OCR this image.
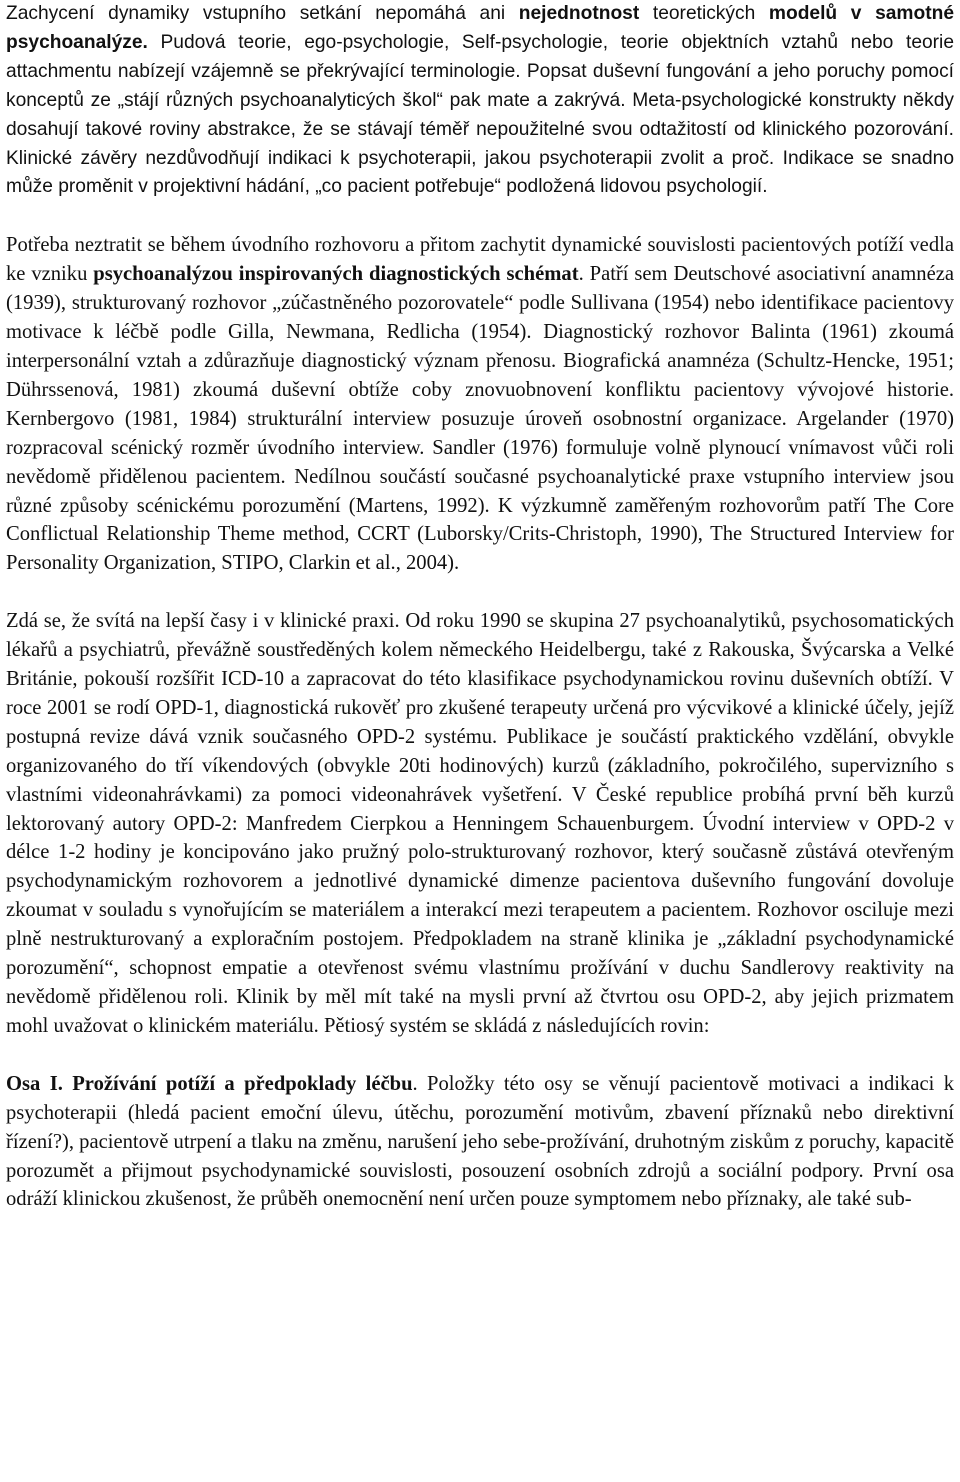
Zachycení dynamiky vstupního setkání nepomáhá ani nejednotnost teoretických modelů v samotné psychoanalýze. Pudová teorie, ego-psychologie, Self-psychologie, teorie objektních vztahů nebo teorie attachmentu nabízejí vzájemně se překrývající terminologie. Popsat duševní fungování a jeho poruchy pomocí konceptů ze „stájí různých psychoanalyticých škol“ pak mate a zakrývá. Meta-psychologické konstrukty někdy dosahují takové roviny abstrakce, že se stávají téměř nepoužitelné svou odtažitostí od klinického pozorování. Klinické závěry nezdůvodňují indikaci k psychoterapii, jakou psychoterapii zvolit a proč. Indikace se snadno může proměnit v projektivní hádání, „co pacient potřebuje“ podložená lidovou psychologií.

Potřeba neztratit se během úvodního rozhovoru a přitom zachytit dynamické souvislosti pacientových potíží vedla ke vzniku psychoanalýzou inspirovaných diagnostických schémat. Patří sem Deutschové asociativní anamnéza (1939), strukturovaný rozhovor „zúčastněného pozorovatele“ podle Sullivana (1954) nebo identifikace pacientovy motivace k léčbě podle Gilla, Newmana, Redlicha (1954). Diagnostický rozhovor Balinta (1961) zkoumá interpersonální vztah a zdůrazňuje diagnostický význam přenosu. Biografická anamnéza (Schultz-Hencke, 1951; Dührssenová, 1981) zkoumá duševní obtíže coby znovuobnovení konfliktu pacientovy vývojové historie. Kernbergovo (1981, 1984) strukturální interview posuzuje úroveň osobnostní organizace. Argelander (1970) rozpracoval scénický rozměr úvodního interview. Sandler (1976) formuluje volně plynoucí vnímavost vůči roli nevědomě přidělenou pacientem. Nedílnou součástí současné psychoanalytické praxe vstupního interview jsou různé způsoby scénickému porozumění (Martens, 1992). K výzkumně zaměřeným rozhovorům patří The Core Conflictual Relationship Theme method, CCRT (Luborsky/Crits-Christoph, 1990), The Structured Interview for Personality Organization, STIPO, Clarkin et al., 2004).

Zdá se, že svítá na lepší časy i v klinické praxi. Od roku 1990 se skupina 27 psychoanalytiků, psychosomatických lékařů a psychiatrů, převážně soustředěných kolem německého Heidelbergu, také z Rakouska, Švýcarska a Velké Británie, pokouší rozšířit ICD-10 a zapracovat do této klasifikace psychodynamickou rovinu duševních obtíží. V roce 2001 se rodí OPD-1, diagnostická rukověť pro zkušené terapeuty určená pro výcvikové a klinické účely, jejíž postupná revize dává vznik současného OPD-2 systému. Publikace je součástí praktického vzdělání, obvykle organizovaného do tří víkendových (obvykle 20ti hodinových) kurzů (základního, pokročilého, supervizního s vlastními videonahrávkami) za pomoci videonahrávek vyšetření. V České republice probíhá první běh kurzů lektorovaný autory OPD-2: Manfredem Cierpkou a Henningem Schauenburgem. Úvodní interview v OPD-2 v délce 1-2 hodiny je koncipováno jako pružný polo-strukturovaný rozhovor, který současně zůstává otevřeným psychodynamickým rozhovorem a jednotlivé dynamické dimenze pacientova duševního fungování dovoluje zkoumat v souladu s vynořujícím se materiálem a interakcí mezi terapeutem a pacientem. Rozhovor osciluje mezi plně nestrukturovaný a exploračním postojem. Předpokladem na straně klinika je „základní psychodynamické porozumění“, schopnost empatie a otevřenost svému vlastnímu prožívání v duchu Sandlerovy reaktivity na nevědomě přidělenou roli. Klinik by měl mít také na mysli první až čtvrtou osu OPD-2, aby jejich prizmatem mohl uvažovat o klinickém materiálu. Pětiosý systém se skládá z následujících rovin:

Osa I. Prožívání potíží a předpoklady léčbu. Položky této osy se věnují pacientově motivaci a indikaci k psychoterapii (hledá pacient emoční úlevu, útěchu, porozumění motivům, zbavení příznaků nebo direktivní řízení?), pacientově utrpení a tlaku na změnu, narušení jeho sebe-prožívání, druhotným ziskům z poruchy, kapacitě porozumět a přijmout psychodynamické souvislosti, posouzení osobních zdrojů a sociální podpory. První osa odráží klinickou zkušenost, že průběh onemocnění není určen pouze symptomem nebo příznaky, ale také sub-
